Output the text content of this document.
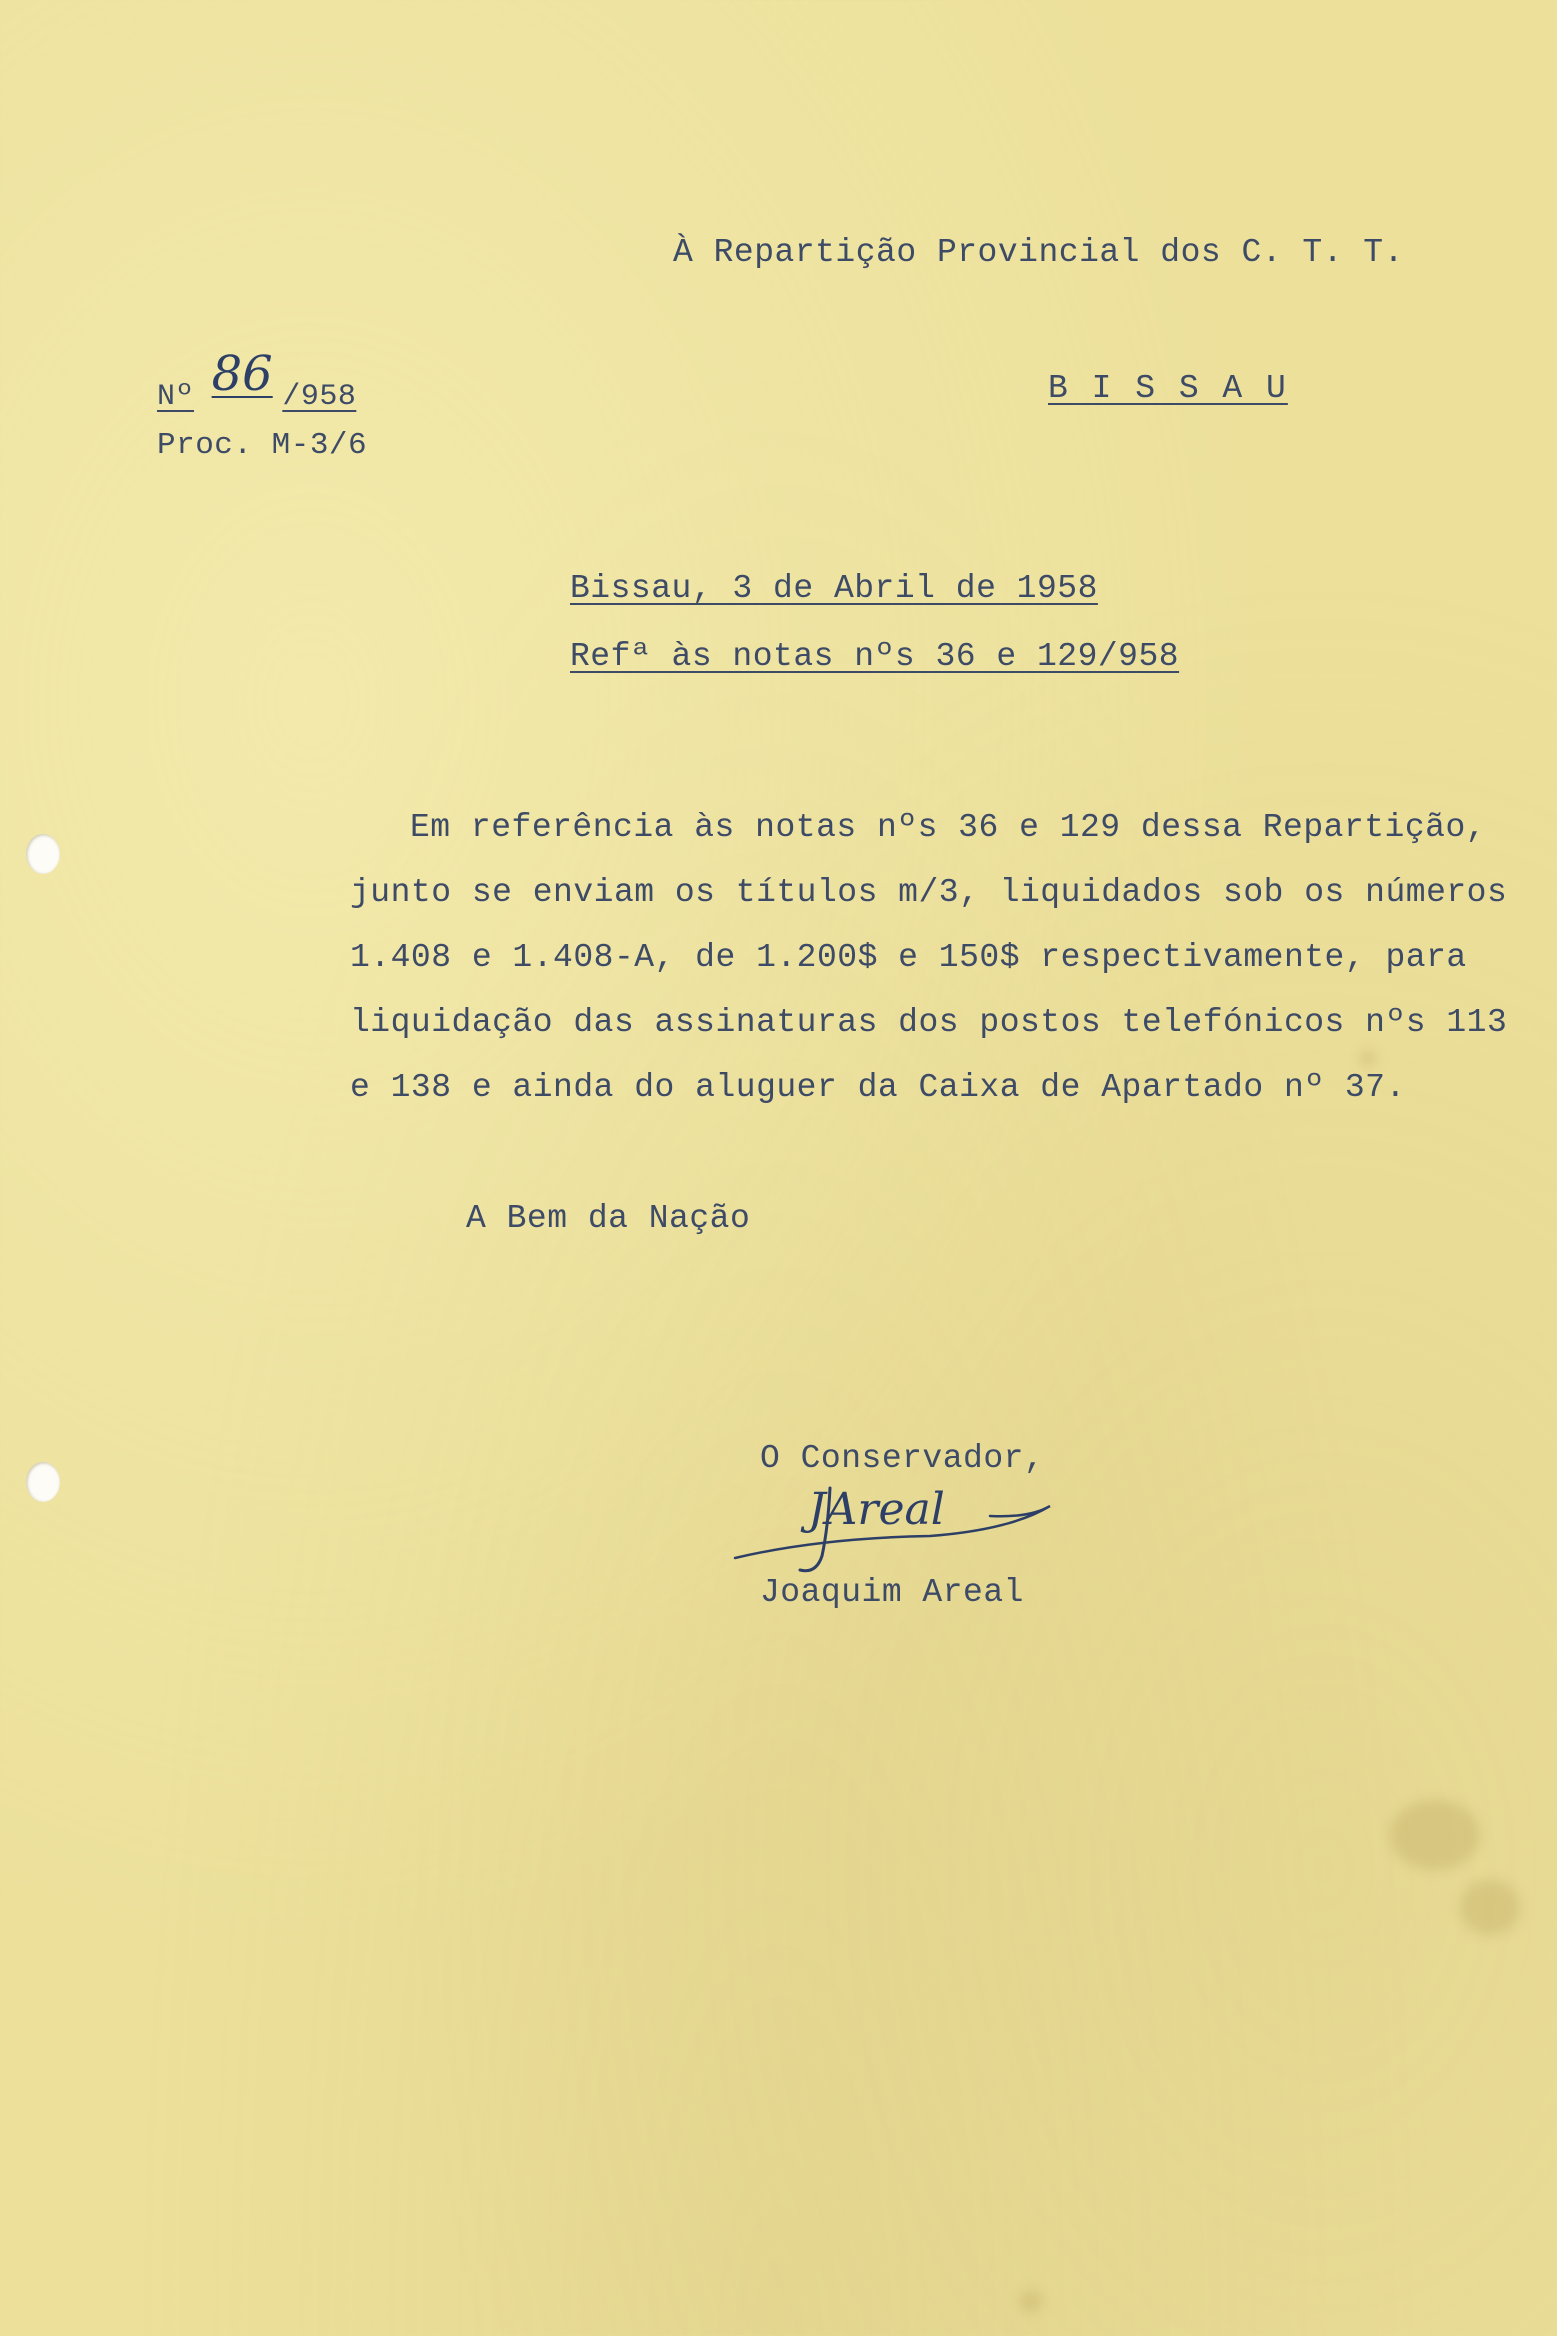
À Repartição Provincial dos C. T. T.

Nº 86 /958	B I S S A U

Proc. M-3/6

Bissau, 3 de Abril de 1958

Refª às notas nºs 36 e 129/958

Em referência às notas nºs 36 e 129 dessa Repartição,

junto se enviam os títulos m/3, liquidados sob os números

1.408 e 1.408-A, de 1.200$ e 150$ respectivamente, para

liquidação das assinaturas dos postos telefónicos nºs 113

e 138 e ainda do aluguer da Caixa de Apartado nº 37.

A Bem da Nação

O Conservador,

JAreal

Joaquim Areal
